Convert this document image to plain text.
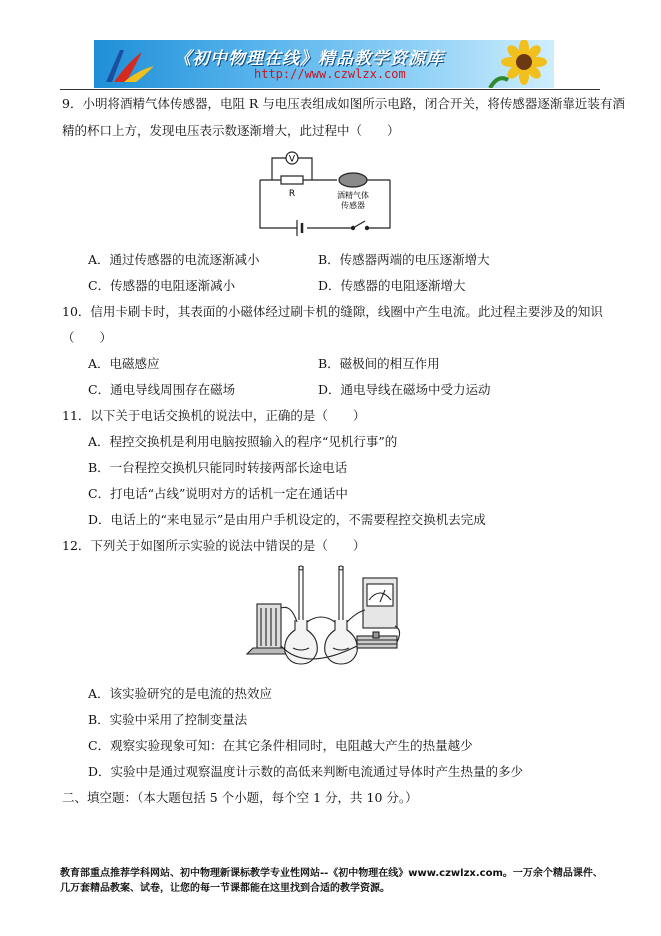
《初中物理在线》精品教学资源库
http://www.czwlzx.com
9．小明将酒精气体传感器，电阻 R 与电压表组成如图所示电路，闭合开关，将传感器逐渐靠近装有酒
精的杯口上方，发现电压表示数逐渐增大，此过程中（　　）
V
R	酒精气体
传感器
A．通过传感器的电流逐渐减小	B．传感器两端的电压逐渐增大
C．传感器的电阻逐渐减小	D．传感器的电阻逐渐增大
10．信用卡刷卡时，其表面的小磁体经过刷卡机的缝隙，线圈中产生电流。此过程主要涉及的知识
（　　）
A．电磁感应	B．磁极间的相互作用
C．通电导线周围存在磁场	D．通电导线在磁场中受力运动
11．以下关于电话交换机的说法中，正确的是（　　）
A．程控交换机是利用电脑按照输入的程序“见机行事”的
B．一台程控交换机只能同时转接两部长途电话
C．打电话“占线”说明对方的话机一定在通话中
D．电话上的“来电显示”是由用户手机设定的，不需要程控交换机去完成
12．下列关于如图所示实验的说法中错误的是（　　）
A．该实验研究的是电流的热效应
B．实验中采用了控制变量法
C．观察实验现象可知：在其它条件相同时，电阻越大产生的热量越少
D．实验中是通过观察温度计示数的高低来判断电流通过导体时产生热量的多少
二、填空题：（本大题包括 5 个小题，每个空 1 分，共 10 分。）
教育部重点推荐学科网站、初中物理新课标教学专业性网站--《初中物理在线》www.czwlzx.com。一万余个精品课件、
几万套精品教案、试卷，让您的每一节课都能在这里找到合适的教学资源。
